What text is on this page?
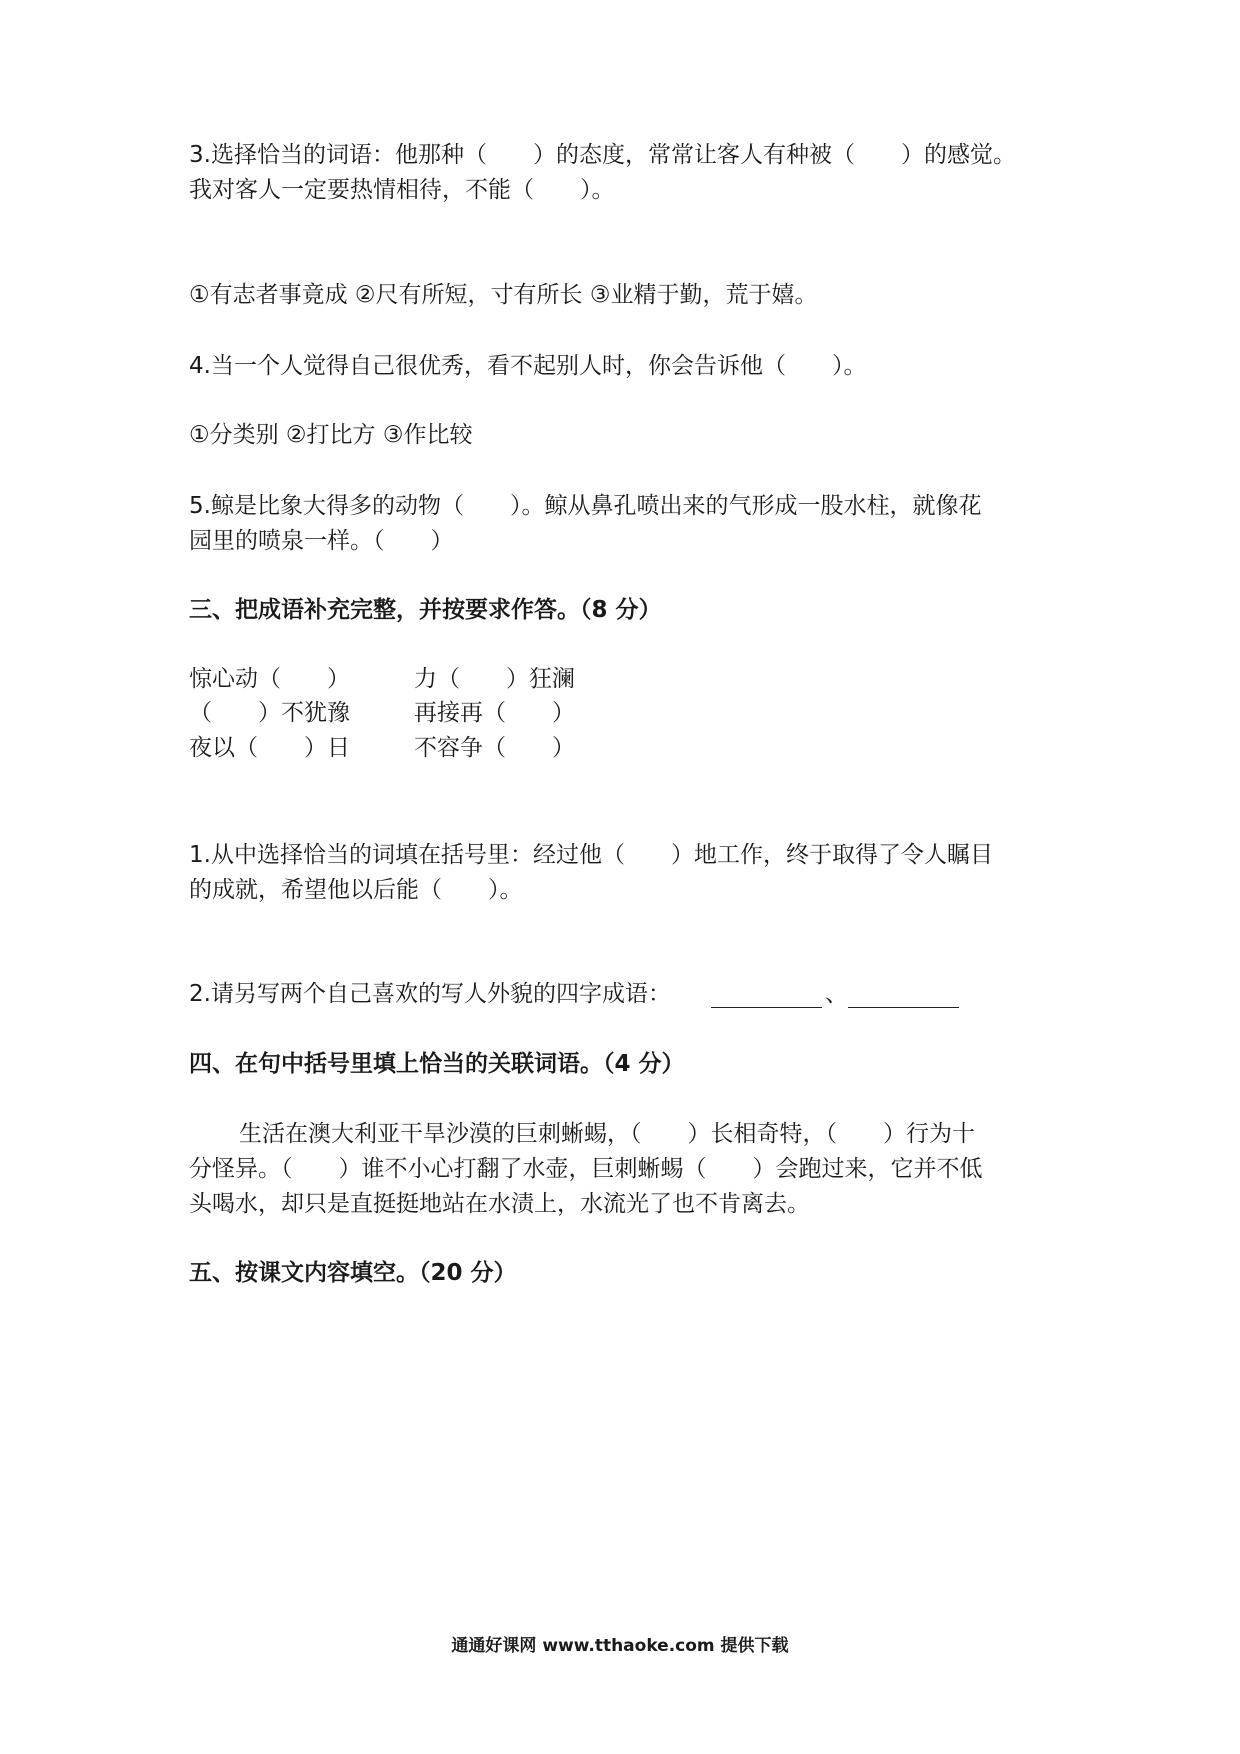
3.选择恰当的词语：他那种（　　）的态度，常常让客人有种被（　　）的感觉。
我对客人一定要热情相待，不能（　　）。
①有志者事竟成 ②尺有所短，寸有所长 ③业精于勤，荒于嬉。
4.当一个人觉得自己很优秀，看不起别人时，你会告诉他（　　）。
①分类别 ②打比方 ③作比较
5.鲸是比象大得多的动物（　　）。鲸从鼻孔喷出来的气形成一股水柱，就像花
园里的喷泉一样。（　　）
三、把成语补充完整，并按要求作答。（8 分）
惊心动（　　）	力（　　）狂澜
（　　）不犹豫	再接再（　　）
夜以（　　）日	不容争（　　）
1.从中选择恰当的词填在括号里：经过他（　　）地工作，终于取得了令人瞩目
的成就，希望他以后能（　　）。
2.请另写两个自己喜欢的写人外貌的四字成语：	、
四、在句中括号里填上恰当的关联词语。（4 分）
生活在澳大利亚干旱沙漠的巨刺蜥蜴，（　　）长相奇特，（　　）行为十
分怪异。（　　）谁不小心打翻了水壶，巨刺蜥蜴（　　）会跑过来，它并不低
头喝水，却只是直挺挺地站在水渍上，水流光了也不肯离去。
五、按课文内容填空。（20 分）
通通好课网 www.tthaoke.com 提供下载
